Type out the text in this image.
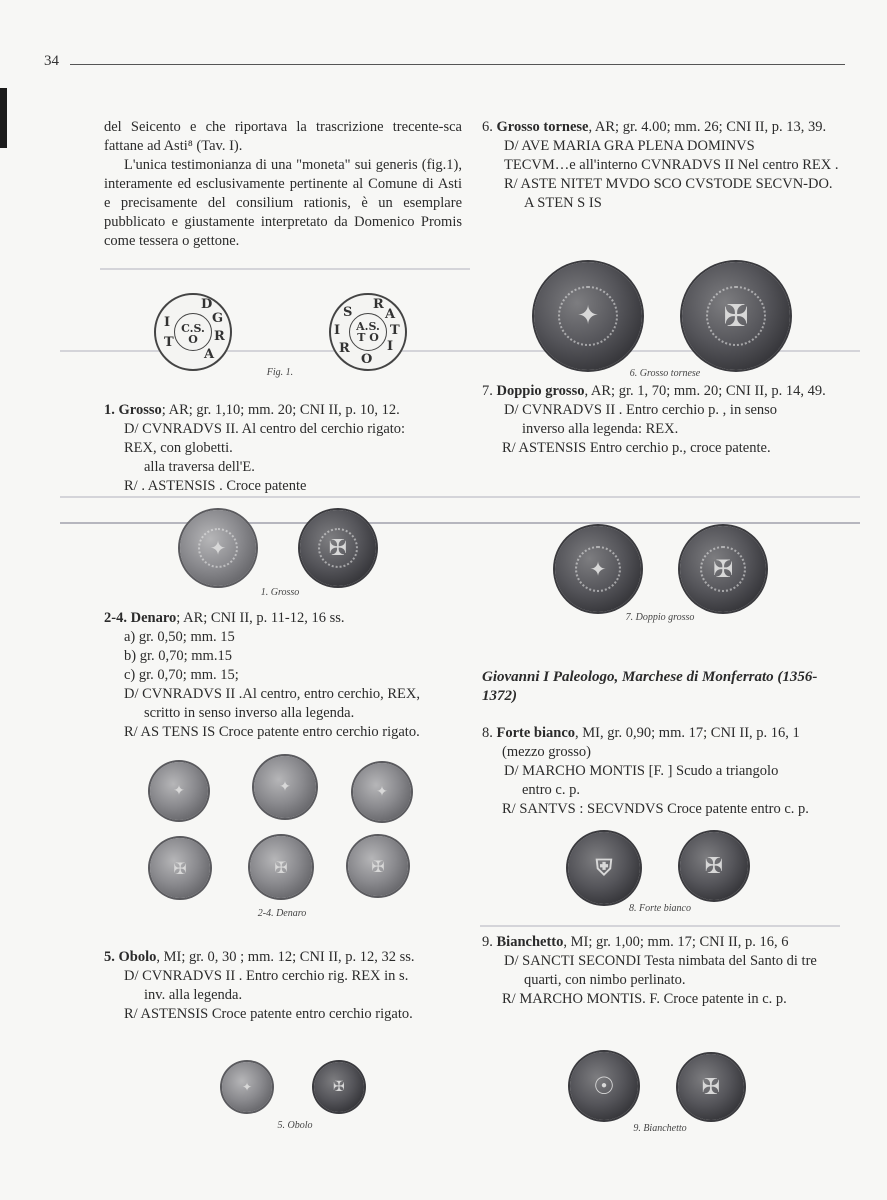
34

del Seicento e che riportava la trascrizione trecente-sca fattane ad Asti⁸ (Tav. I).

L'unica testimonianza di una "moneta" sui generis (fig.1), interamente ed esclusivamente pertinente al Comune di Asti e precisamente del consilium rationis, è un esemplare pubblicato e giustamente interpretato da Domenico Promis come tessera o gettone.

C.S. O
D
G
R
A
T
I	A.S. T O
R
A
T
I
O
R
I
S
Fig. 1.

1. Grosso; AR; gr. 1,10; mm. 20; CNI II, p. 10, 12.

D/ CVNRADVS II. Al centro del cerchio rigato:

REX, con globetti.

alla traversa dell'E.

R/ . ASTENSIS . Croce patente

✦	✠
1. Grosso

2-4. Denaro; AR; CNI II, p. 11-12, 16 ss.

a) gr. 0,50; mm. 15

b) gr. 0,70; mm.15

c) gr. 0,70; mm. 15;

D/ CVNRADVS II .Al centro, entro cerchio, REX,

scritto in senso inverso alla legenda.

R/ AS TENS IS Croce patente entro cerchio rigato.

✦	✦	✦
✠	✠	✠
2-4. Denaro

5. Obolo, MI; gr. 0, 30 ; mm. 12; CNI II, p. 12, 32 ss.

D/ CVNRADVS II . Entro cerchio rig. REX in s.

inv. alla legenda.

R/ ASTENSIS Croce patente entro cerchio rigato.

✦	✠
5. Obolo

6. Grosso tornese, AR; gr. 4.00; mm. 26; CNI II, p. 13, 39.

D/ AVE MARIA GRA PLENA DOMINVS

TECVM…e all'interno CVNRADVS II Nel centro REX .

R/ ASTE NITET MVDO SCO CVSTODE SECVN-DO. A STEN S IS

✦	✠
6. Grosso tornese

7. Doppio grosso, AR; gr. 1, 70; mm. 20; CNI II, p. 14, 49.

D/ CVNRADVS II . Entro cerchio p. , in senso

inverso alla legenda: REX.

R/ ASTENSIS Entro cerchio p., croce patente.

✦	✠
7. Doppio grosso
Giovanni I Paleologo, Marchese di Monferrato (1356-1372)

8. Forte bianco, MI, gr. 0,90; mm. 17; CNI II, p. 16, 1 (mezzo grosso)

D/ MARCHO MONTIS [F. ] Scudo a triangolo

entro c. p.

R/ SANTVS : SECVNDVS Croce patente entro c. p.

⛨	✠
8. Forte bianco

9. Bianchetto, MI; gr. 1,00; mm. 17; CNI II, p. 16, 6

D/ SANCTI SECONDI Testa nimbata del Santo di tre quarti, con nimbo perlinato.

R/ MARCHO MONTIS. F. Croce patente in c. p.

☉	✠
9. Bianchetto
